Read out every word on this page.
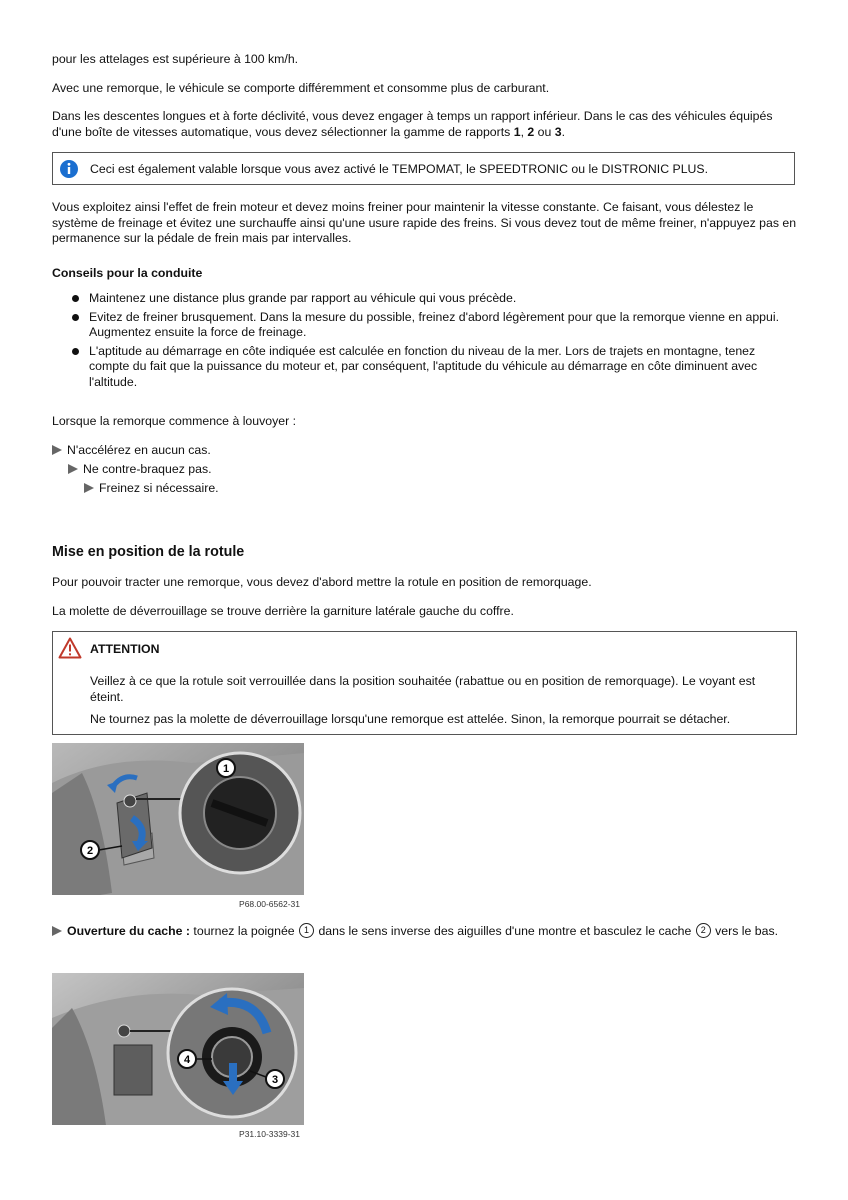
pour les attelages est supérieure à 100 km/h.

Avec une remorque, le véhicule se comporte différemment et consomme plus de carburant.

Dans les descentes longues et à forte déclivité, vous devez engager à temps un rapport inférieur. Dans le cas des véhicules équipés d'une boîte de vitesses automatique, vous devez sélectionner la gamme de rapports 1, 2 ou 3.

Ceci est également valable lorsque vous avez activé le TEMPOMAT, le SPEEDTRONIC ou le DISTRONIC PLUS.

Vous exploitez ainsi l'effet de frein moteur et devez moins freiner pour maintenir la vitesse constante. Ce faisant, vous délestez le système de freinage et évitez une surchauffe ainsi qu'une usure rapide des freins. Si vous devez tout de même freiner, n'appuyez pas en permanence sur la pédale de frein mais par intervalles.

Conseils pour la conduite

Maintenez une distance plus grande par rapport au véhicule qui vous précède.
Evitez de freiner brusquement. Dans la mesure du possible, freinez d'abord légèrement pour que la remorque vienne en appui. Augmentez ensuite la force de freinage.
L'aptitude au démarrage en côte indiquée est calculée en fonction du niveau de la mer. Lors de trajets en montagne, tenez compte du fait que la puissance du moteur et, par conséquent, l'aptitude du véhicule au démarrage en côte diminuent avec l'altitude.

Lorsque la remorque commence à louvoyer :

N'accélérez en aucun cas.
Ne contre-braquez pas.
Freinez si nécessaire.
Mise en position de la rotule

Pour pouvoir tracter une remorque, vous devez d'abord mettre la rotule en position de remorquage.

La molette de déverrouillage se trouve derrière la garniture latérale gauche du coffre.

ATTENTION

Veillez à ce que la rotule soit verrouillée dans la position souhaitée (rabattue ou en position de remorquage). Le voyant est éteint.

Ne tournez pas la molette de déverrouillage lorsqu'une remorque est attelée. Sinon, la remorque pourrait se détacher.

1
2
P68.00-6562-31
Ouverture du cache : tournez la poignée 1 dans le sens inverse des aiguilles d'une montre et basculez le cache 2 vers le bas.
4
3
P31.10-3339-31
